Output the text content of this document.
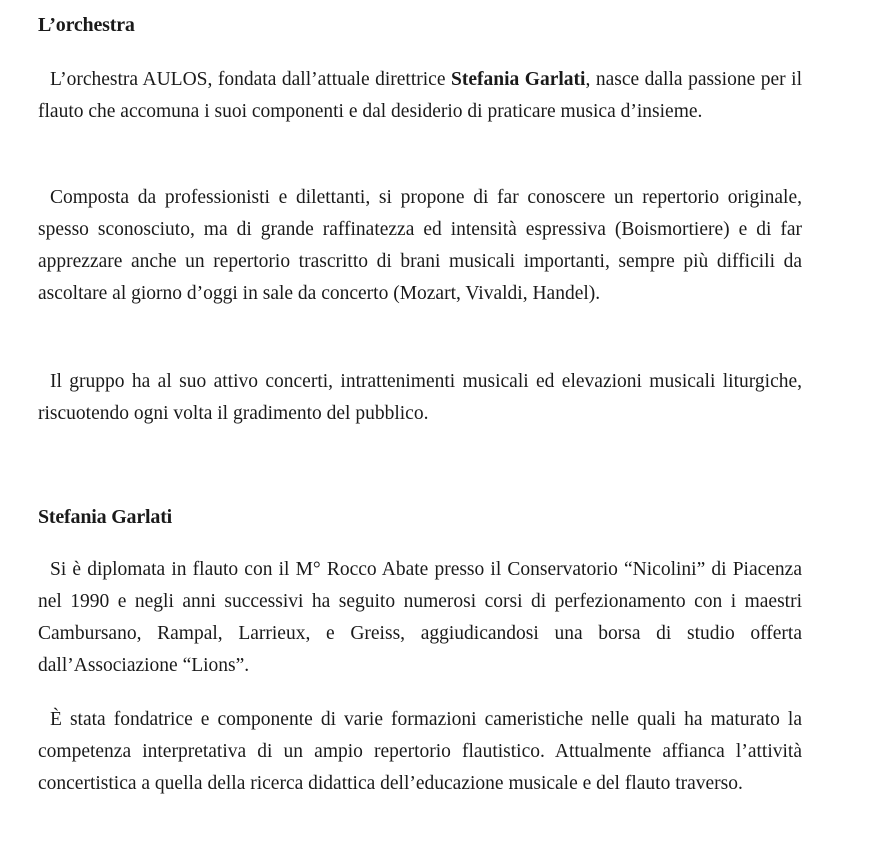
L’orchestra

L’orchestra AULOS, fondata dall’attuale direttrice Stefania Garlati, nasce dalla passione per il flauto che accomuna i suoi componenti e dal desiderio di praticare musica d’insieme.

Composta da professionisti e dilettanti, si propone di far conoscere un repertorio originale, spesso sconosciuto, ma di grande raffinatezza ed intensità espressiva (Boismortiere) e di far apprezzare anche un repertorio trascritto di brani musicali importanti, sempre più difficili da ascoltare al giorno d’oggi in sale da concerto (Mozart, Vivaldi, Handel).

Il gruppo ha al suo attivo concerti, intrattenimenti musicali ed elevazioni musicali liturgiche, riscuotendo ogni volta il gradimento del pubblico.

Stefania Garlati

Si è diplomata in flauto con il M° Rocco Abate presso il Conservatorio “Nicolini” di Piacenza nel 1990 e negli anni successivi ha seguito numerosi corsi di perfezionamento con i maestri Cambursano, Rampal, Larrieux, e Greiss, aggiudicandosi una borsa di studio offerta dall’Associazione “Lions”.

È stata fondatrice e componente di varie formazioni cameristiche nelle quali ha maturato la competenza interpretativa di un ampio repertorio flautistico. Attualmente affianca l’attività concertistica a quella della ricerca didattica dell’educazione musicale e del flauto traverso.
